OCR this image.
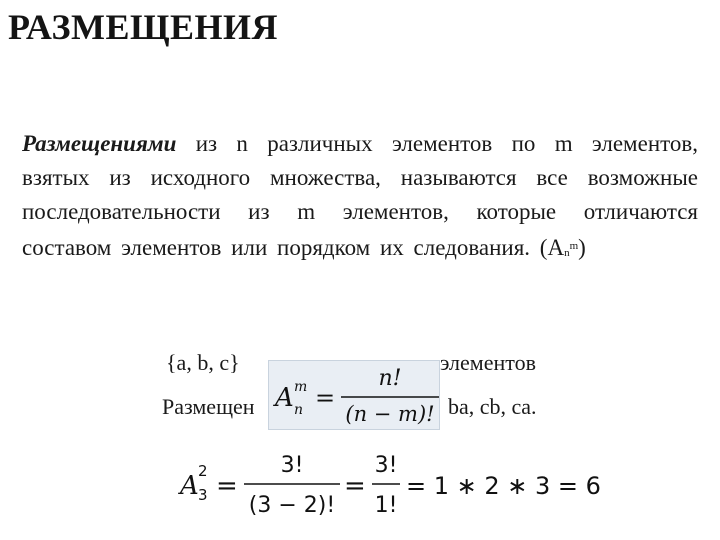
РАЗМЕЩЕНИЯ
Размещениями из n различных элементов по m элементов, взятых из исходного множества, называются все возможные последовательности из m элементов, которые отличаются составом элементов или порядком их следования. $(A_n^m)$
{a, b, c}	элементов
Размещен	ba, cb, ca.
A m
n =
n!
(n − m)!
A 2
3 =
3!
(3 − 2)!
=
3!
1!
= 1 ∗ 2 ∗ 3 = 6
